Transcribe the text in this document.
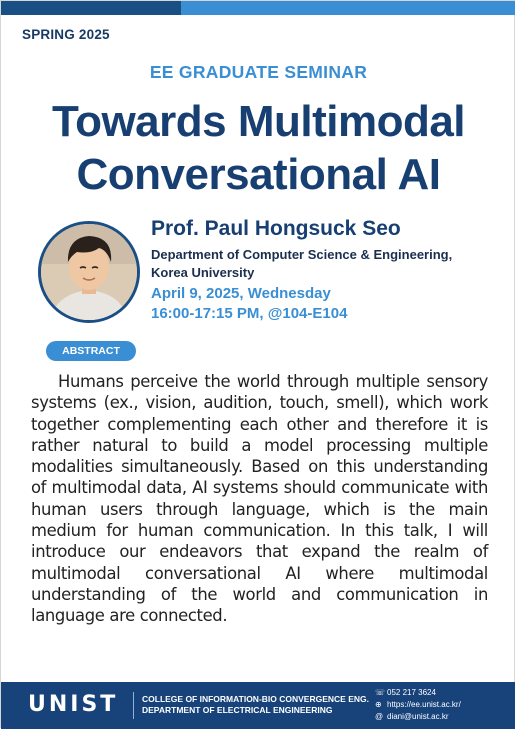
SPRING 2025
EE GRADUATE SEMINAR
Towards Multimodal
Conversational AI
Prof. Paul Hongsuck Seo
Department of Computer Science & Engineering,
Korea University
April 9, 2025, Wednesday
16:00-17:15 PM, @104-E104
ABSTRACT
Humans perceive the world through multiple sensory systems (ex., vision, audition, touch, smell), which work together complementing each other and therefore it is rather natural to build a model processing multiple modalities simultaneously. Based on this understanding of multimodal data, AI systems should communicate with human users through language, which is the main medium for human communication. In this talk, I will introduce our endeavors that expand the realm of multimodal conversational AI where multimodal understanding of the world and communication in language are connected.
UNIST	COLLEGE OF INFORMATION-BIO CONVERGENCE ENG.
DEPARTMENT OF ELECTRICAL ENGINEERING
☏ 052 217 3624
⊕ https://ee.unist.ac.kr/
@ diani@unist.ac.kr
